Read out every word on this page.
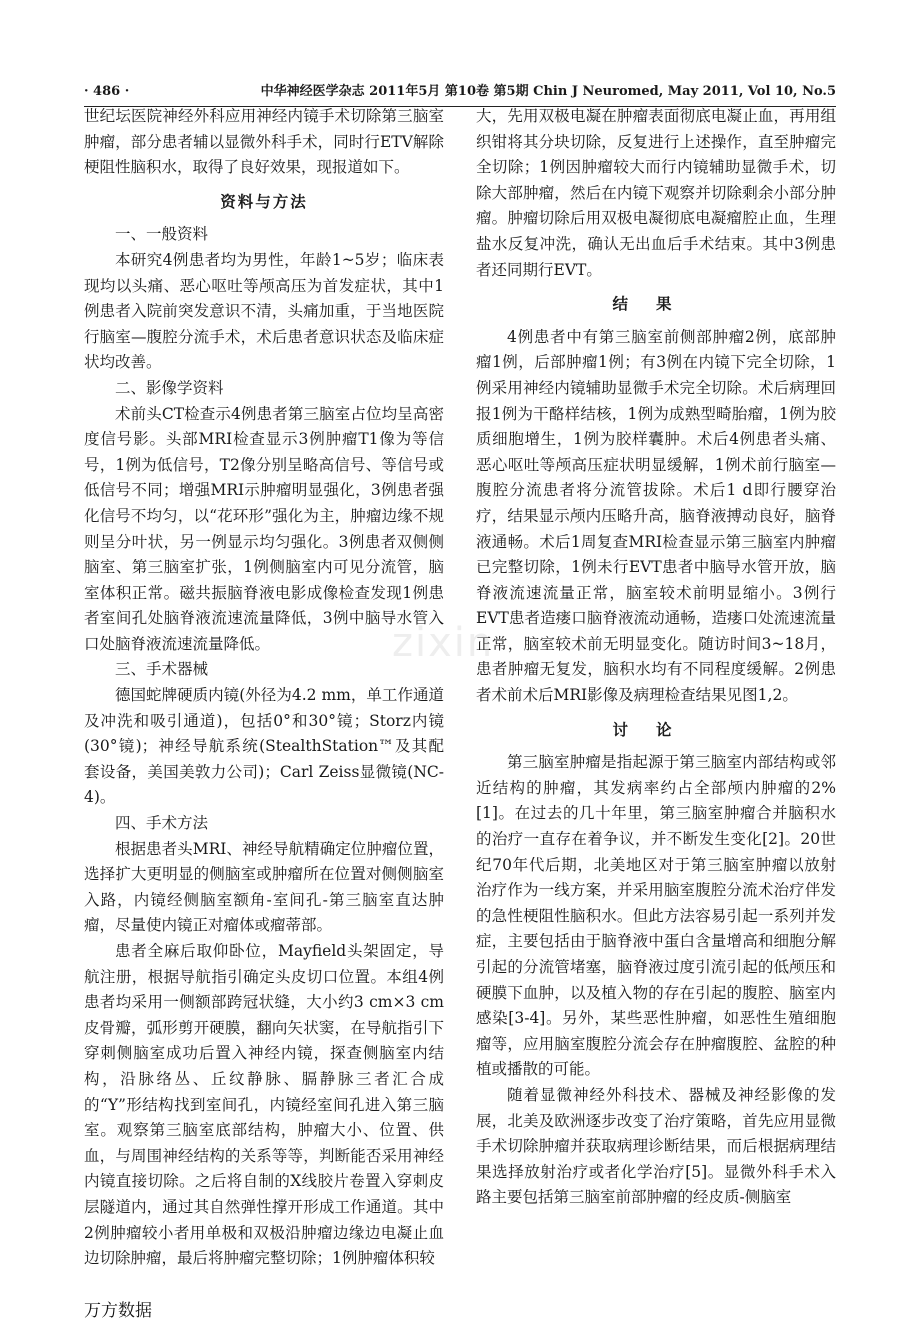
· 486 ·	中华神经医学杂志 2011年5月 第10卷 第5期 Chin J Neuromed, May 2011, Vol 10, No.5
zixin

世纪坛医院神经外科应用神经内镜手术切除第三脑室肿瘤，部分患者辅以显微外科手术，同时行ETV解除梗阻性脑积水，取得了良好效果，现报道如下。

资料与方法
一、一般资料

本研究4例患者均为男性，年龄1~5岁；临床表现均以头痛、恶心呕吐等颅高压为首发症状，其中1例患者入院前突发意识不清，头痛加重，于当地医院行脑室—腹腔分流手术，术后患者意识状态及临床症状均改善。

二、影像学资料

术前头CT检查示4例患者第三脑室占位均呈高密度信号影。头部MRI检查显示3例肿瘤T1像为等信号，1例为低信号，T2像分别呈略高信号、等信号或低信号不同；增强MRI示肿瘤明显强化，3例患者强化信号不均匀，以“花环形”强化为主，肿瘤边缘不规则呈分叶状，另一例显示均匀强化。3例患者双侧侧脑室、第三脑室扩张，1例侧脑室内可见分流管，脑室体积正常。磁共振脑脊液电影成像检查发现1例患者室间孔处脑脊液流速流量降低，3例中脑导水管入口处脑脊液流速流量降低。

三、手术器械

德国蛇牌硬质内镜(外径为4.2 mm，单工作通道及冲洗和吸引通道)，包括0°和30°镜；Storz内镜(30°镜)；神经导航系统(StealthStation™及其配套设备，美国美敦力公司)；Carl Zeiss显微镜(NC-4)。

四、手术方法

根据患者头MRI、神经导航精确定位肿瘤位置，选择扩大更明显的侧脑室或肿瘤所在位置对侧侧脑室入路，内镜经侧脑室额角-室间孔-第三脑室直达肿瘤，尽量使内镜正对瘤体或瘤蒂部。

患者全麻后取仰卧位，Mayfield头架固定，导航注册，根据导航指引确定头皮切口位置。本组4例患者均采用一侧额部跨冠状缝，大小约3 cm×3 cm皮骨瓣，弧形剪开硬膜，翻向矢状窦，在导航指引下穿刺侧脑室成功后置入神经内镜，探查侧脑室内结构，沿脉络丛、丘纹静脉、膈静脉三者汇合成的“Y”形结构找到室间孔，内镜经室间孔进入第三脑室。观察第三脑室底部结构，肿瘤大小、位置、供血，与周围神经结构的关系等等，判断能否采用神经内镜直接切除。之后将自制的X线胶片卷置入穿刺皮层隧道内，通过其自然弹性撑开形成工作通道。其中2例肿瘤较小者用单极和双极沿肿瘤边缘边电凝止血边切除肿瘤，最后将肿瘤完整切除；1例肿瘤体积较

大，先用双极电凝在肿瘤表面彻底电凝止血，再用组织钳将其分块切除，反复进行上述操作，直至肿瘤完全切除；1例因肿瘤较大而行内镜辅助显微手术，切除大部肿瘤，然后在内镜下观察并切除剩余小部分肿瘤。肿瘤切除后用双极电凝彻底电凝瘤腔止血，生理盐水反复冲洗，确认无出血后手术结束。其中3例患者还同期行EVT。

结果

4例患者中有第三脑室前侧部肿瘤2例，底部肿瘤1例，后部肿瘤1例；有3例在内镜下完全切除，1例采用神经内镜辅助显微手术完全切除。术后病理回报1例为干酪样结核，1例为成熟型畸胎瘤，1例为胶质细胞增生，1例为胶样囊肿。术后4例患者头痛、恶心呕吐等颅高压症状明显缓解，1例术前行脑室—腹腔分流患者将分流管拔除。术后1 d即行腰穿治疗，结果显示颅内压略升高，脑脊液搏动良好，脑脊液通畅。术后1周复查MRI检查显示第三脑室内肿瘤已完整切除，1例未行EVT患者中脑导水管开放，脑脊液流速流量正常，脑室较术前明显缩小。3例行EVT患者造瘘口脑脊液流动通畅，造瘘口处流速流量正常，脑室较术前无明显变化。随访时间3~18月，患者肿瘤无复发，脑积水均有不同程度缓解。2例患者术前术后MRI影像及病理检查结果见图1,2。

讨论

第三脑室肿瘤是指起源于第三脑室内部结构或邻近结构的肿瘤，其发病率约占全部颅内肿瘤的2%[1]。在过去的几十年里，第三脑室肿瘤合并脑积水的治疗一直存在着争议，并不断发生变化[2]。20世纪70年代后期，北美地区对于第三脑室肿瘤以放射治疗作为一线方案，并采用脑室腹腔分流术治疗伴发的急性梗阻性脑积水。但此方法容易引起一系列并发症，主要包括由于脑脊液中蛋白含量增高和细胞分解引起的分流管堵塞，脑脊液过度引流引起的低颅压和硬膜下血肿，以及植入物的存在引起的腹腔、脑室内感染[3-4]。另外，某些恶性肿瘤，如恶性生殖细胞瘤等，应用脑室腹腔分流会存在肿瘤腹腔、盆腔的种植或播散的可能。

随着显微神经外科技术、器械及神经影像的发展，北美及欧洲逐步改变了治疗策略，首先应用显微手术切除肿瘤并获取病理诊断结果，而后根据病理结果选择放射治疗或者化学治疗[5]。显微外科手术入路主要包括第三脑室前部肿瘤的经皮质-侧脑室

万方数据
